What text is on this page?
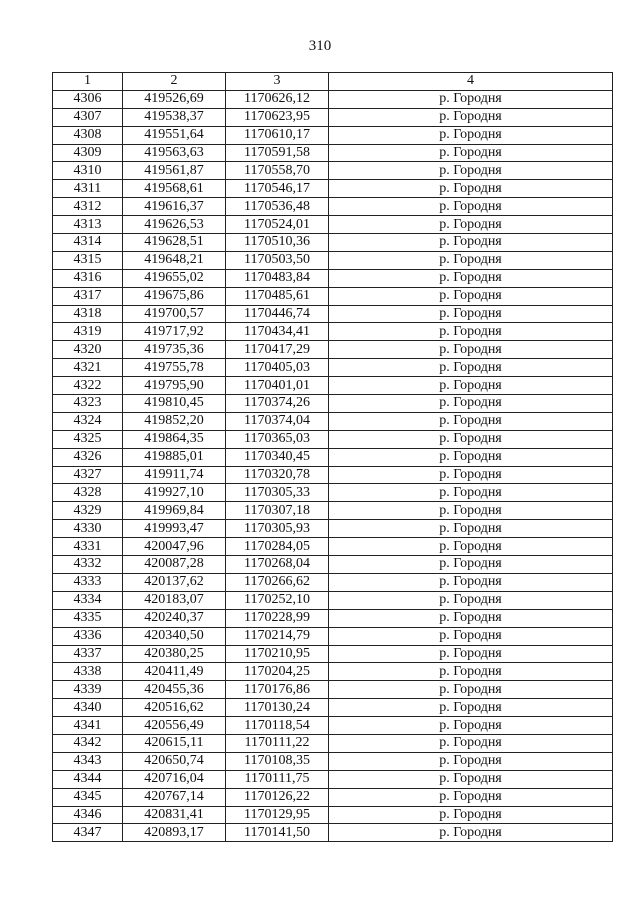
310
1	2	3	4
4306	419526,69	1170626,12	р. Городня
4307	419538,37	1170623,95	р. Городня
4308	419551,64	1170610,17	р. Городня
4309	419563,63	1170591,58	р. Городня
4310	419561,87	1170558,70	р. Городня
4311	419568,61	1170546,17	р. Городня
4312	419616,37	1170536,48	р. Городня
4313	419626,53	1170524,01	р. Городня
4314	419628,51	1170510,36	р. Городня
4315	419648,21	1170503,50	р. Городня
4316	419655,02	1170483,84	р. Городня
4317	419675,86	1170485,61	р. Городня
4318	419700,57	1170446,74	р. Городня
4319	419717,92	1170434,41	р. Городня
4320	419735,36	1170417,29	р. Городня
4321	419755,78	1170405,03	р. Городня
4322	419795,90	1170401,01	р. Городня
4323	419810,45	1170374,26	р. Городня
4324	419852,20	1170374,04	р. Городня
4325	419864,35	1170365,03	р. Городня
4326	419885,01	1170340,45	р. Городня
4327	419911,74	1170320,78	р. Городня
4328	419927,10	1170305,33	р. Городня
4329	419969,84	1170307,18	р. Городня
4330	419993,47	1170305,93	р. Городня
4331	420047,96	1170284,05	р. Городня
4332	420087,28	1170268,04	р. Городня
4333	420137,62	1170266,62	р. Городня
4334	420183,07	1170252,10	р. Городня
4335	420240,37	1170228,99	р. Городня
4336	420340,50	1170214,79	р. Городня
4337	420380,25	1170210,95	р. Городня
4338	420411,49	1170204,25	р. Городня
4339	420455,36	1170176,86	р. Городня
4340	420516,62	1170130,24	р. Городня
4341	420556,49	1170118,54	р. Городня
4342	420615,11	1170111,22	р. Городня
4343	420650,74	1170108,35	р. Городня
4344	420716,04	1170111,75	р. Городня
4345	420767,14	1170126,22	р. Городня
4346	420831,41	1170129,95	р. Городня
4347	420893,17	1170141,50	р. Городня
